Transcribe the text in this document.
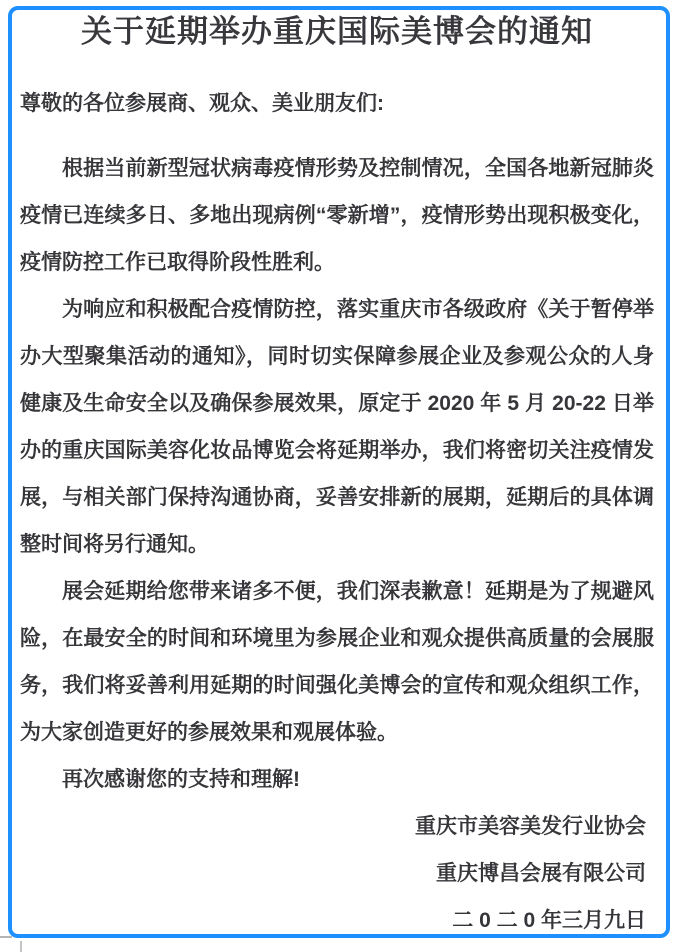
关于延期举办重庆国际美博会的通知
尊敬的各位参展商、观众、美业朋友们:
根据当前新型冠状病毒疫情形势及控制情况，全国各地新冠肺炎疫情已连续多日、多地出现病例“零新增”，疫情形势出现积极变化，疫情防控工作已取得阶段性胜利。
为响应和积极配合疫情防控，落实重庆市各级政府《关于暂停举办大型聚集活动的通知》，同时切实保障参展企业及参观公众的人身健康及生命安全以及确保参展效果，原定于 2020 年 5 月 20-22 日举办的重庆国际美容化妆品博览会将延期举办，我们将密切关注疫情发展，与相关部门保持沟通协商，妥善安排新的展期，延期后的具体调整时间将另行通知。
展会延期给您带来诸多不便，我们深表歉意！延期是为了规避风险，在最安全的时间和环境里为参展企业和观众提供高质量的会展服务，我们将妥善利用延期的时间强化美博会的宣传和观众组织工作，为大家创造更好的参展效果和观展体验。
再次感谢您的支持和理解!
重庆市美容美发行业协会
重庆博昌会展有限公司
二 0 二 0 年三月九日
